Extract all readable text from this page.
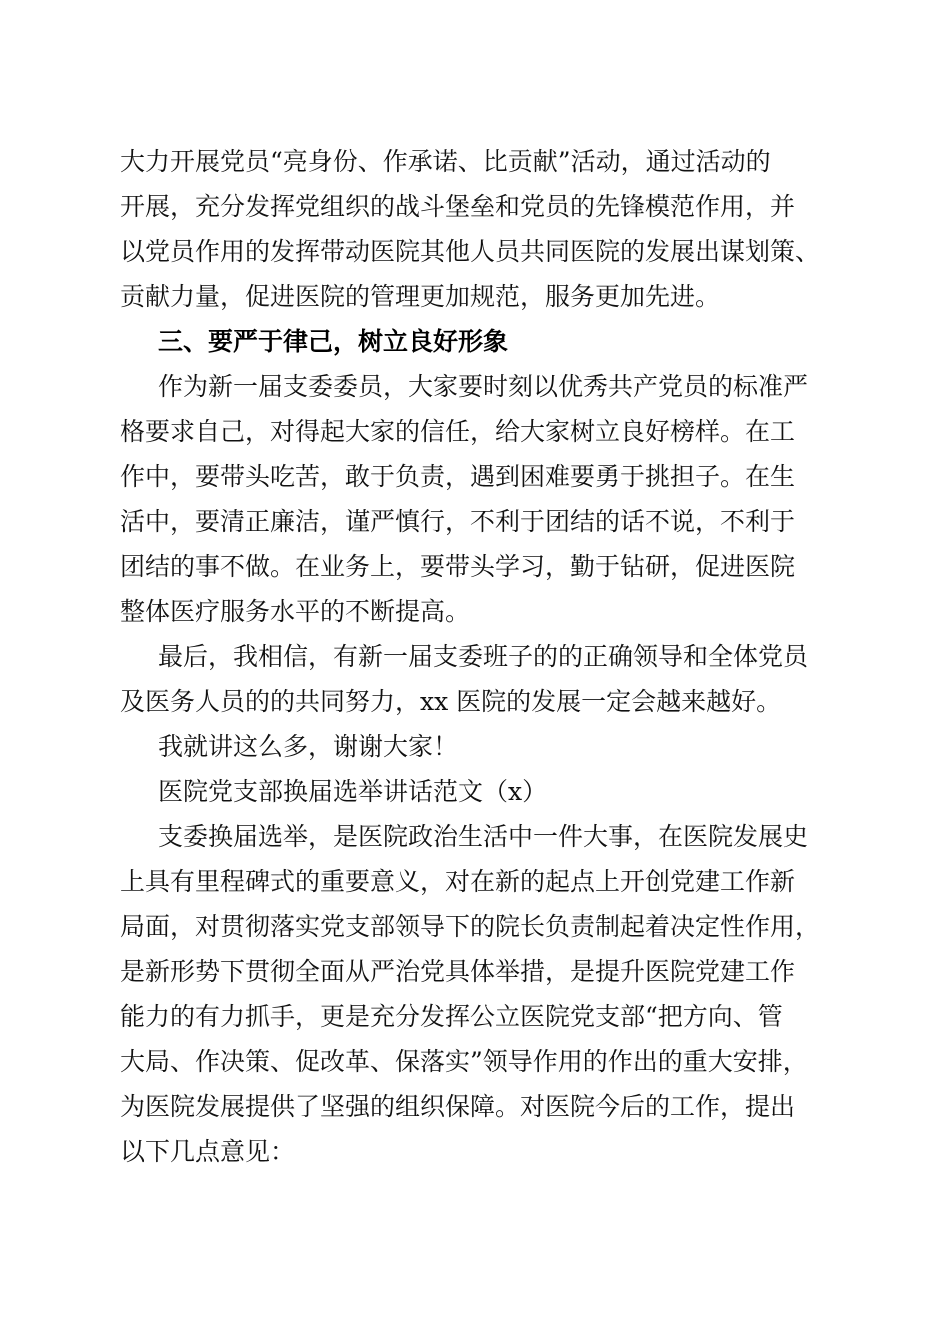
大力开展党员“亮身份、作承诺、比贡献”活动，通过活动的
开展，充分发挥党组织的战斗堡垒和党员的先锋模范作用，并
以党员作用的发挥带动医院其他人员共同医院的发展出谋划策、
贡献力量，促进医院的管理更加规范，服务更加先进。
三、要严于律己，树立良好形象
作为新一届支委委员，大家要时刻以优秀共产党员的标准严
格要求自己，对得起大家的信任，给大家树立良好榜样。在工
作中，要带头吃苦，敢于负责，遇到困难要勇于挑担子。在生
活中，要清正廉洁，谨严慎行，不利于团结的话不说，不利于
团结的事不做。在业务上，要带头学习，勤于钻研，促进医院
整体医疗服务水平的不断提高。
最后，我相信，有新一届支委班子的的正确领导和全体党员
及医务人员的的共同努力，xx 医院的发展一定会越来越好。
我就讲这么多，谢谢大家！
医院党支部换届选举讲话范文（x）
支委换届选举，是医院政治生活中一件大事，在医院发展史
上具有里程碑式的重要意义，对在新的起点上开创党建工作新
局面，对贯彻落实党支部领导下的院长负责制起着决定性作用，
是新形势下贯彻全面从严治党具体举措，是提升医院党建工作
能力的有力抓手，更是充分发挥公立医院党支部“把方向、管
大局、作决策、促改革、保落实”领导作用的作出的重大安排，
为医院发展提供了坚强的组织保障。对医院今后的工作，提出
以下几点意见：
